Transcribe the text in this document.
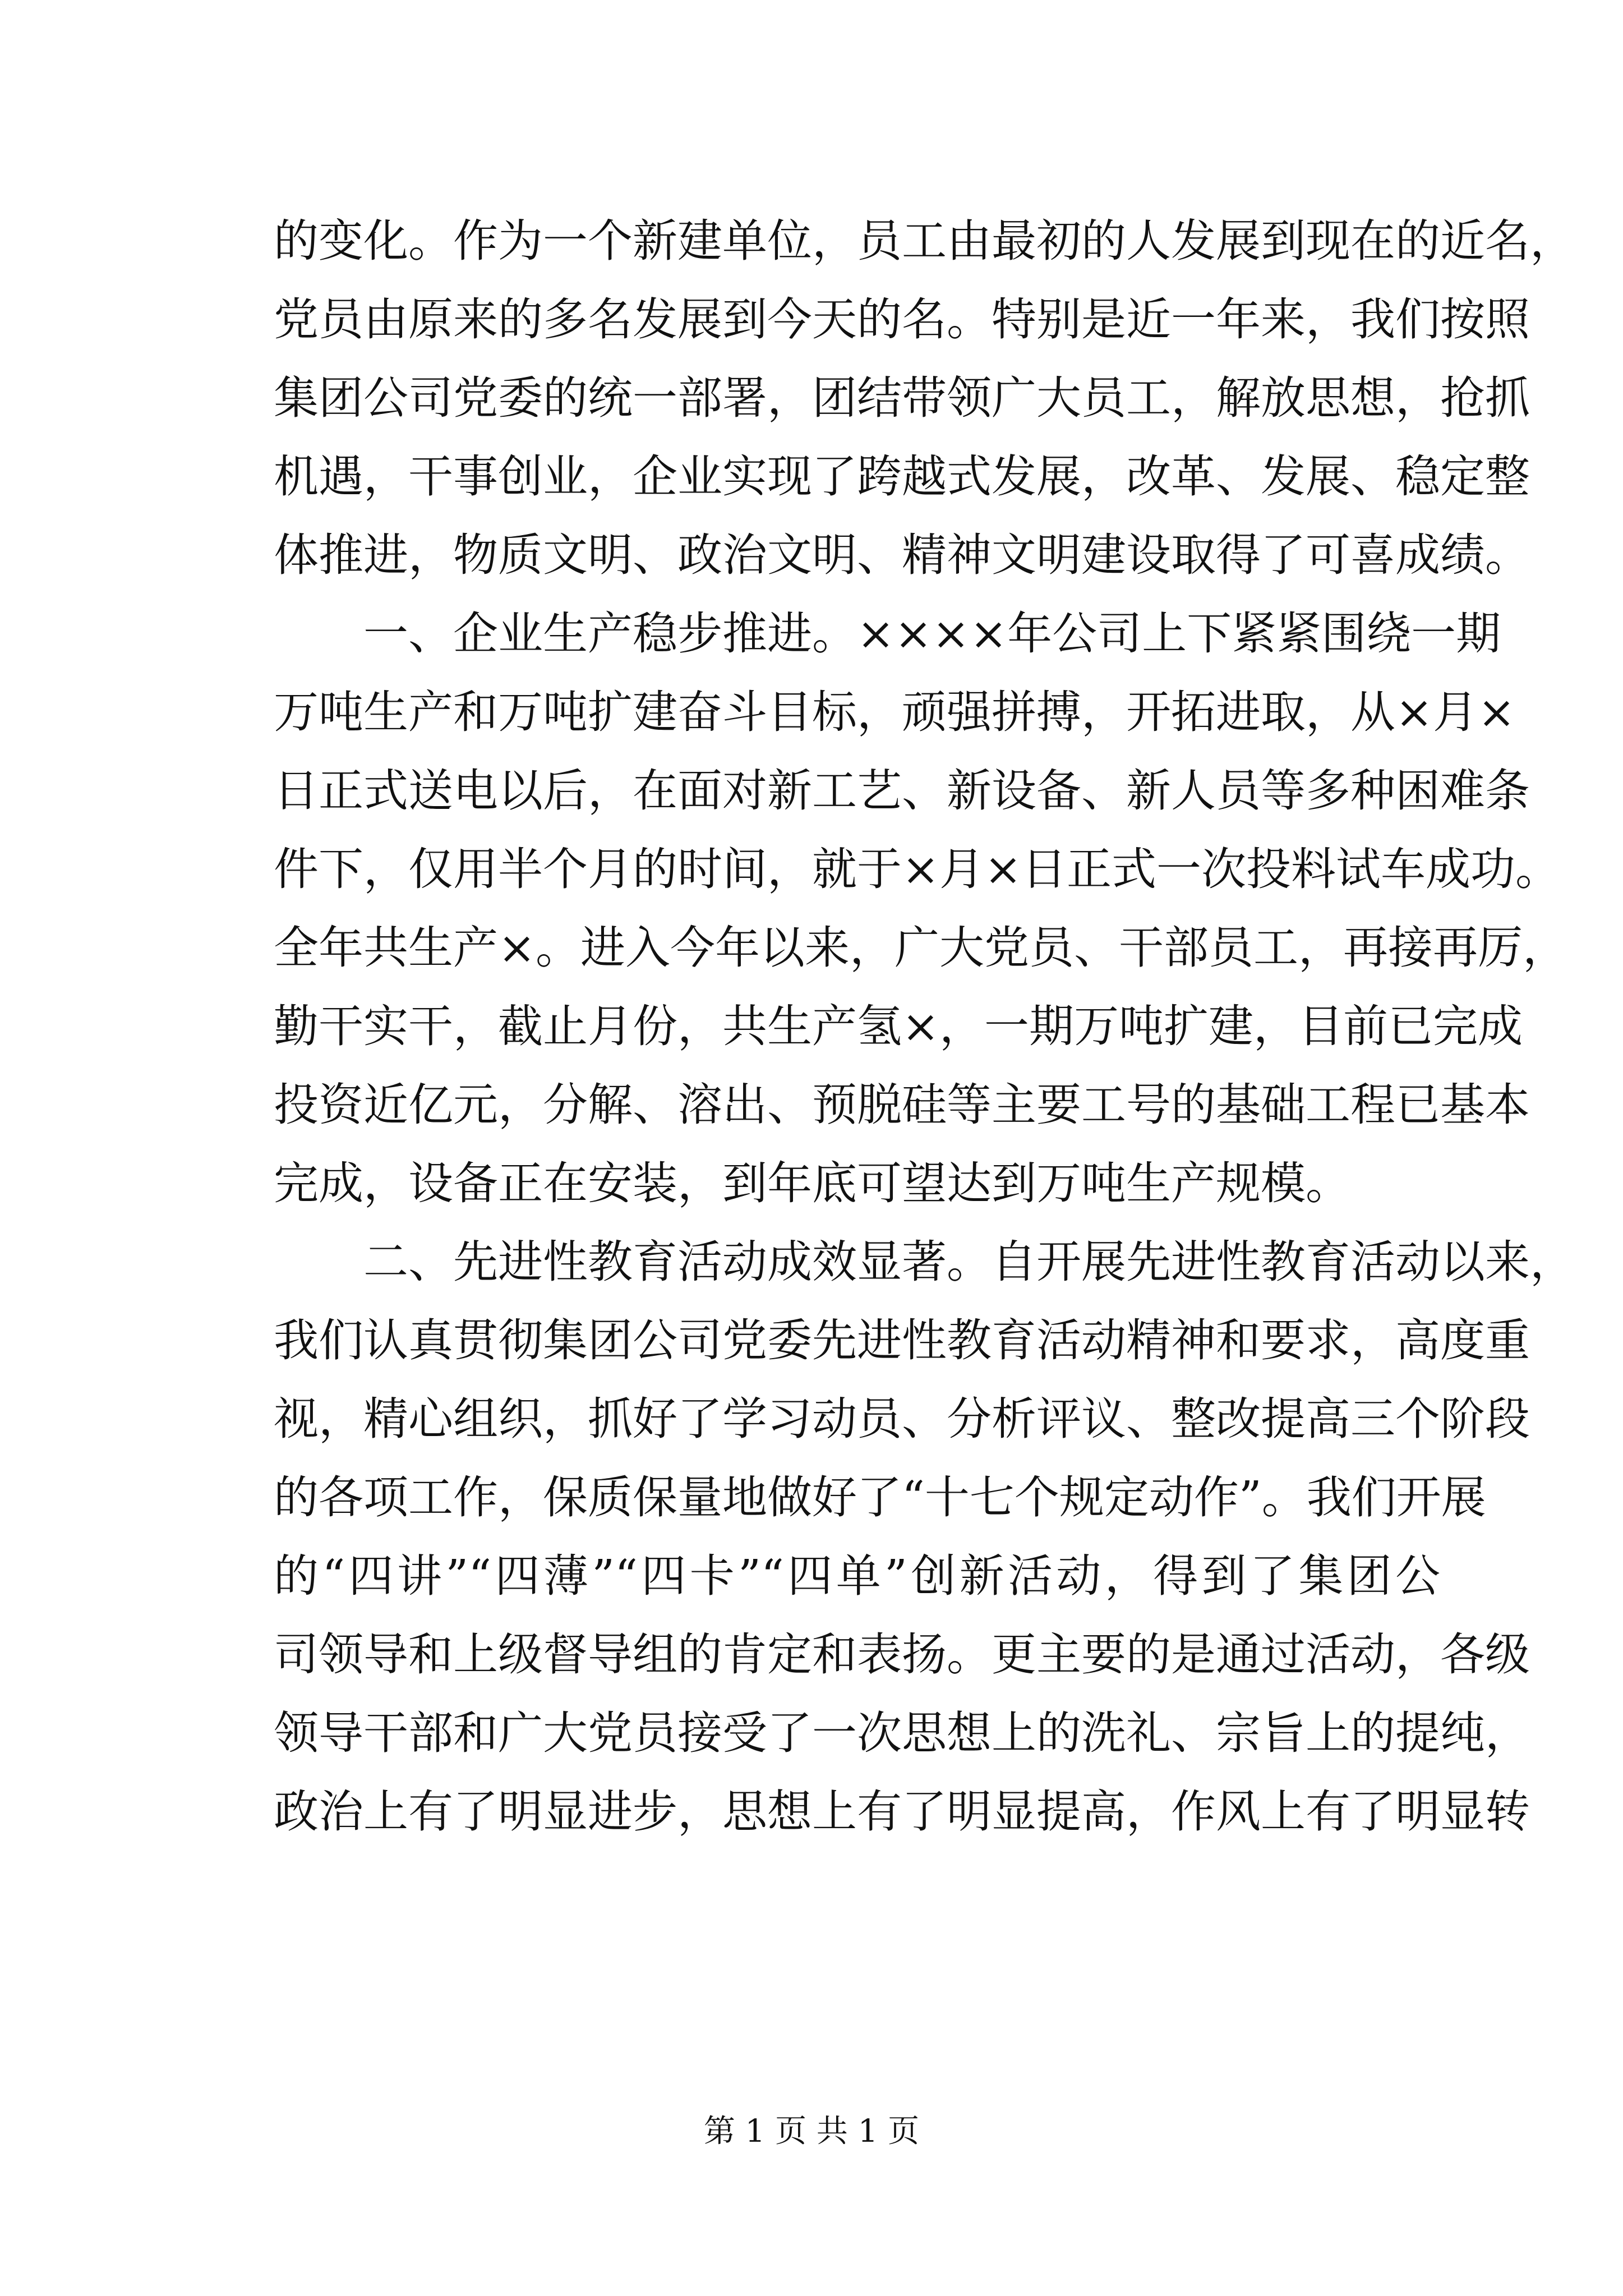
的变化。作为一个新建单位，员工由最初的人发展到现在的近名，
党员由原来的多名发展到今天的名。特别是近一年来，我们按照
集团公司党委的统一部署，团结带领广大员工，解放思想，抢抓
机遇，干事创业，企业实现了跨越式发展，改革、发展、稳定整
体推进，物质文明、政治文明、精神文明建设取得了可喜成绩。
一、企业生产稳步推进。××××年公司上下紧紧围绕一期
万吨生产和万吨扩建奋斗目标，顽强拼搏，开拓进取，从×月×
日正式送电以后，在面对新工艺、新设备、新人员等多种困难条
件下，仅用半个月的时间，就于×月×日正式一次投料试车成功。
全年共生产×。进入今年以来，广大党员、干部员工，再接再厉，
勤干实干，截止月份，共生产氢×，一期万吨扩建，目前已完成
投资近亿元，分解、溶出、预脱硅等主要工号的基础工程已基本
完成，设备正在安装，到年底可望达到万吨生产规模。
二、先进性教育活动成效显著。自开展先进性教育活动以来，
我们认真贯彻集团公司党委先进性教育活动精神和要求，高度重
视，精心组织，抓好了学习动员、分析评议、整改提高三个阶段
的各项工作，保质保量地做好了“十七个规定动作”。我们开展
的“四讲”“四薄”“四卡”“四单”创新活动，得到了集团公
司领导和上级督导组的肯定和表扬。更主要的是通过活动，各级
领导干部和广大党员接受了一次思想上的洗礼、宗旨上的提纯，
政治上有了明显进步，思想上有了明显提高，作风上有了明显转
第 1 页 共 1 页
